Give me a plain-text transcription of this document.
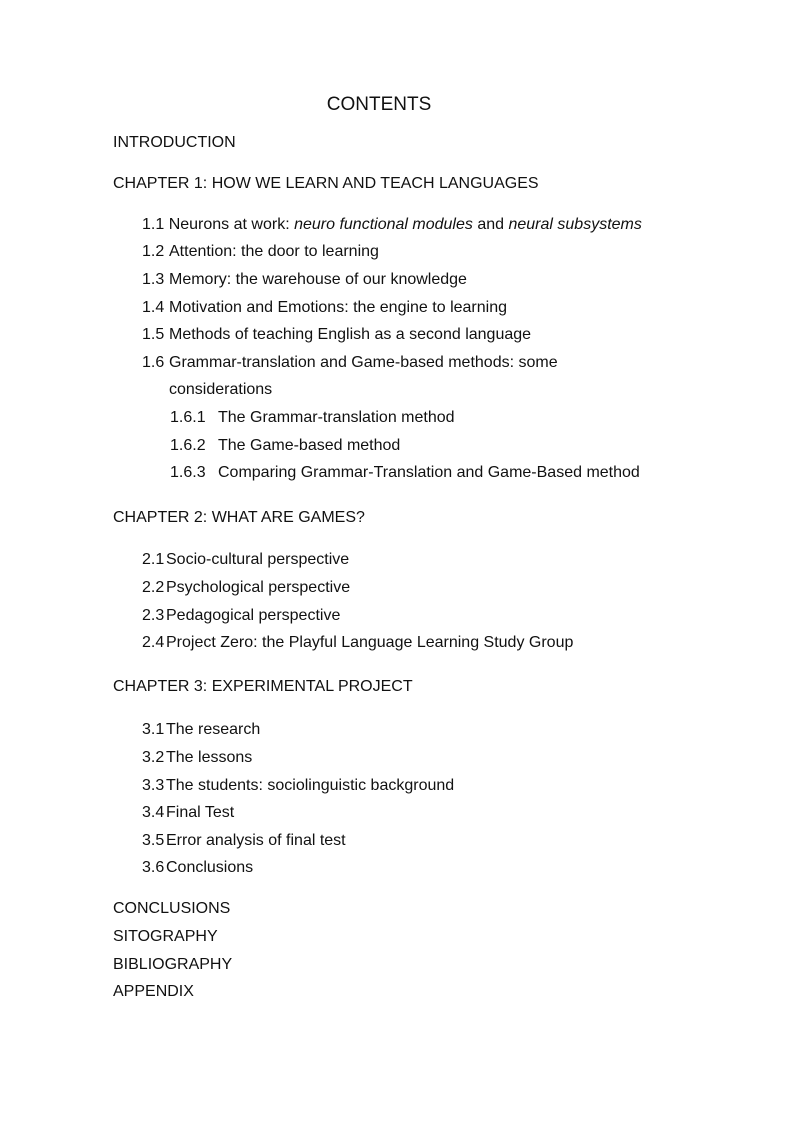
CONTENTS
INTRODUCTION
CHAPTER 1: HOW WE LEARN AND TEACH LANGUAGES
1.1 Neurons at work: neuro functional modules and neural subsystems
1.2 Attention: the door to learning
1.3 Memory: the warehouse of our knowledge
1.4 Motivation and Emotions: the engine to learning
1.5 Methods of teaching English as a second language
1.6 Grammar-translation and Game-based methods: some
considerations
1.6.1 The Grammar-translation method
1.6.2 The Game-based method
1.6.3 Comparing Grammar-Translation and Game-Based method
CHAPTER 2: WHAT ARE GAMES?
2.1 Socio-cultural perspective
2.2 Psychological perspective
2.3 Pedagogical perspective
2.4 Project Zero: the Playful Language Learning Study Group
CHAPTER 3: EXPERIMENTAL PROJECT
3.1 The research
3.2 The lessons
3.3 The students: sociolinguistic background
3.4 Final Test
3.5 Error analysis of final test
3.6 Conclusions
CONCLUSIONS
SITOGRAPHY
BIBLIOGRAPHY
APPENDIX
